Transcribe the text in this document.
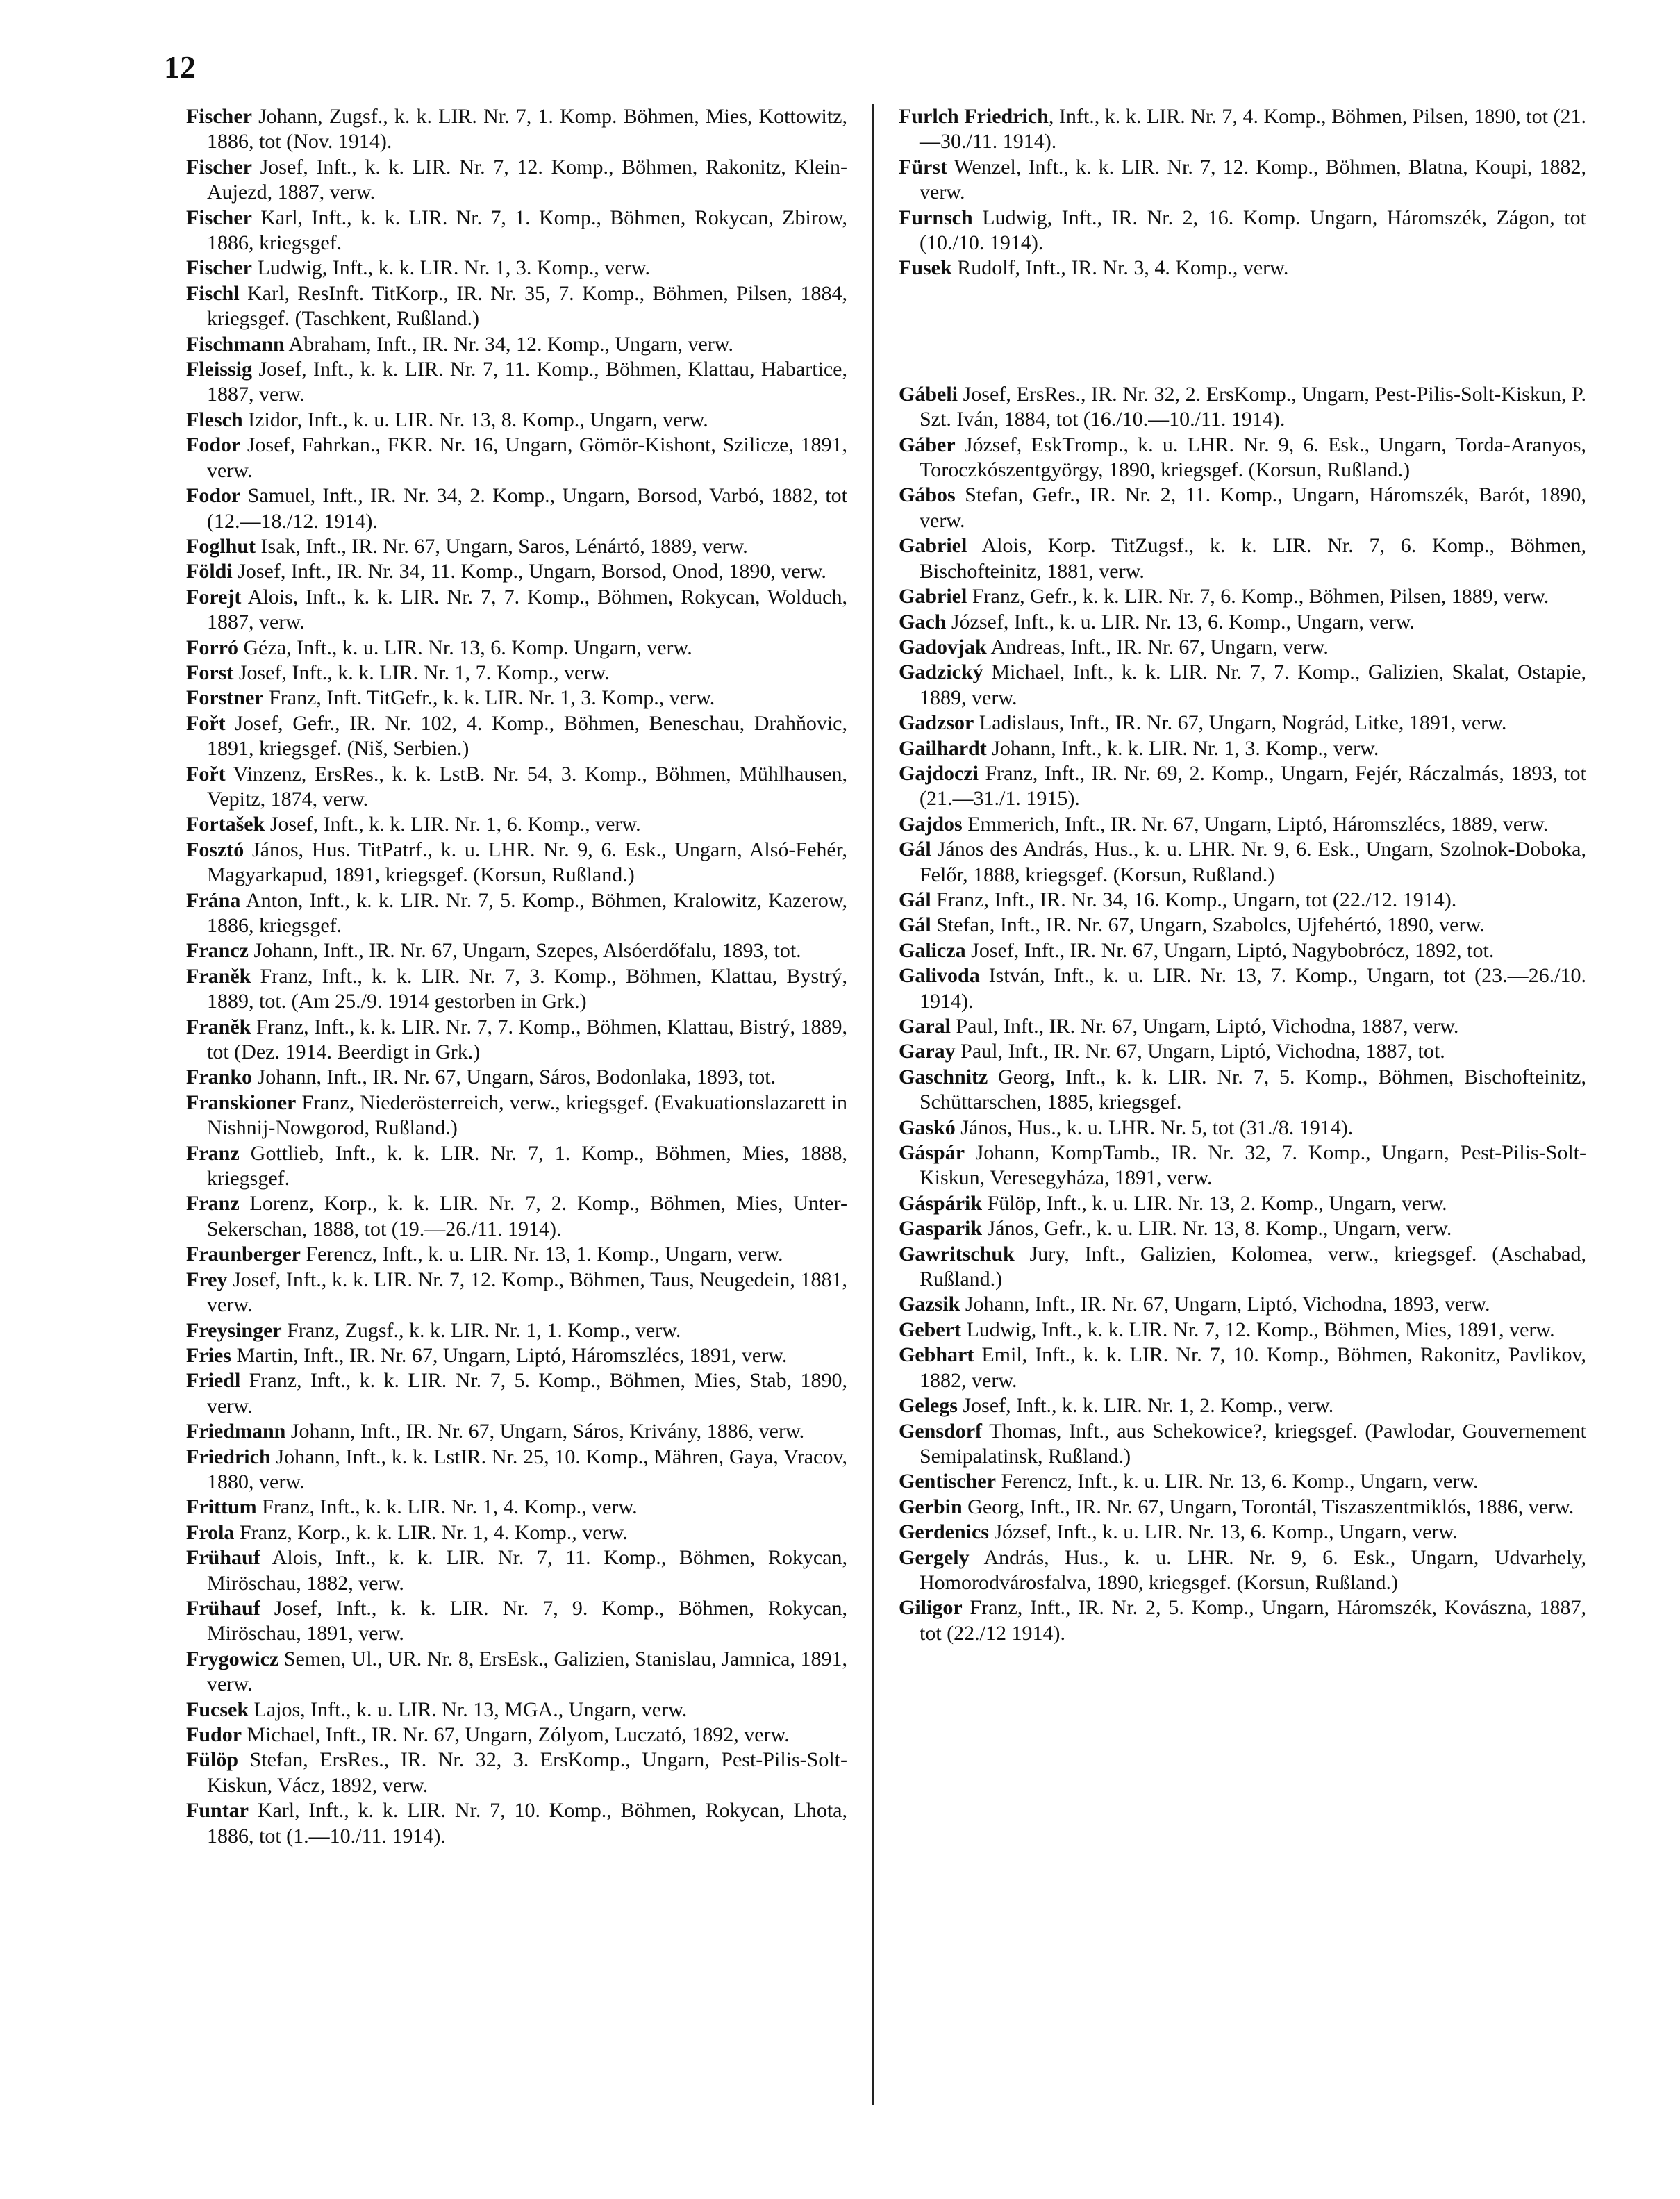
12

Fischer Johann, Zugsf., k. k. LIR. Nr. 7, 1. Komp. Böhmen, Mies, Kottowitz, 1886, tot (Nov. 1914).

Fischer Josef, Inft., k. k. LIR. Nr. 7, 12. Komp., Böhmen, Rakonitz, Klein-Aujezd, 1887, verw.

Fischer Karl, Inft., k. k. LIR. Nr. 7, 1. Komp., Böhmen, Rokycan, Zbirow, 1886, kriegsgef.

Fischer Ludwig, Inft., k. k. LIR. Nr. 1, 3. Komp., verw.

Fischl Karl, ResInft. TitKorp., IR. Nr. 35, 7. Komp., Böhmen, Pilsen, 1884, kriegsgef. (Taschkent, Rußland.)

Fischmann Abraham, Inft., IR. Nr. 34, 12. Komp., Ungarn, verw.

Fleissig Josef, Inft., k. k. LIR. Nr. 7, 11. Komp., Böhmen, Klattau, Habartice, 1887, verw.

Flesch Izidor, Inft., k. u. LIR. Nr. 13, 8. Komp., Ungarn, verw.

Fodor Josef, Fahrkan., FKR. Nr. 16, Ungarn, Gömör-Kishont, Szilicze, 1891, verw.

Fodor Samuel, Inft., IR. Nr. 34, 2. Komp., Ungarn, Borsod, Varbó, 1882, tot (12.—18./12. 1914).

Foglhut Isak, Inft., IR. Nr. 67, Ungarn, Saros, Lénártó, 1889, verw.

Földi Josef, Inft., IR. Nr. 34, 11. Komp., Ungarn, Borsod, Onod, 1890, verw.

Forejt Alois, Inft., k. k. LIR. Nr. 7, 7. Komp., Böhmen, Rokycan, Wolduch, 1887, verw.

Forró Géza, Inft., k. u. LIR. Nr. 13, 6. Komp. Ungarn, verw.

Forst Josef, Inft., k. k. LIR. Nr. 1, 7. Komp., verw.

Forstner Franz, Inft. TitGefr., k. k. LIR. Nr. 1, 3. Komp., verw.

Fořt Josef, Gefr., IR. Nr. 102, 4. Komp., Böhmen, Beneschau, Drahňovic, 1891, kriegsgef. (Niš, Serbien.)

Fořt Vinzenz, ErsRes., k. k. LstB. Nr. 54, 3. Komp., Böhmen, Mühlhausen, Vepitz, 1874, verw.

Fortašek Josef, Inft., k. k. LIR. Nr. 1, 6. Komp., verw.

Fosztó János, Hus. TitPatrf., k. u. LHR. Nr. 9, 6. Esk., Ungarn, Alsó-Fehér, Magyarkapud, 1891, kriegsgef. (Korsun, Rußland.)

Frána Anton, Inft., k. k. LIR. Nr. 7, 5. Komp., Böhmen, Kralowitz, Kazerow, 1886, kriegsgef.

Francz Johann, Inft., IR. Nr. 67, Ungarn, Szepes, Alsóerdőfalu, 1893, tot.

Franěk Franz, Inft., k. k. LIR. Nr. 7, 3. Komp., Böhmen, Klattau, Bystrý, 1889, tot. (Am 25./9. 1914 gestorben in Grk.)

Franěk Franz, Inft., k. k. LIR. Nr. 7, 7. Komp., Böhmen, Klattau, Bistrý, 1889, tot (Dez. 1914. Beerdigt in Grk.)

Franko Johann, Inft., IR. Nr. 67, Ungarn, Sáros, Bodonlaka, 1893, tot.

Franskioner Franz, Niederösterreich, verw., kriegsgef. (Evakuationslazarett in Nishnij-Nowgorod, Rußland.)

Franz Gottlieb, Inft., k. k. LIR. Nr. 7, 1. Komp., Böhmen, Mies, 1888, kriegsgef.

Franz Lorenz, Korp., k. k. LIR. Nr. 7, 2. Komp., Böhmen, Mies, Unter-Sekerschan, 1888, tot (19.—26./11. 1914).

Fraunberger Ferencz, Inft., k. u. LIR. Nr. 13, 1. Komp., Ungarn, verw.

Frey Josef, Inft., k. k. LIR. Nr. 7, 12. Komp., Böhmen, Taus, Neugedein, 1881, verw.

Freysinger Franz, Zugsf., k. k. LIR. Nr. 1, 1. Komp., verw.

Fries Martin, Inft., IR. Nr. 67, Ungarn, Liptó, Háromszlécs, 1891, verw.

Friedl Franz, Inft., k. k. LIR. Nr. 7, 5. Komp., Böhmen, Mies, Stab, 1890, verw.

Friedmann Johann, Inft., IR. Nr. 67, Ungarn, Sáros, Krivány, 1886, verw.

Friedrich Johann, Inft., k. k. LstIR. Nr. 25, 10. Komp., Mähren, Gaya, Vracov, 1880, verw.

Frittum Franz, Inft., k. k. LIR. Nr. 1, 4. Komp., verw.

Frola Franz, Korp., k. k. LIR. Nr. 1, 4. Komp., verw.

Frühauf Alois, Inft., k. k. LIR. Nr. 7, 11. Komp., Böhmen, Rokycan, Miröschau, 1882, verw.

Frühauf Josef, Inft., k. k. LIR. Nr. 7, 9. Komp., Böhmen, Rokycan, Miröschau, 1891, verw.

Frygowicz Semen, Ul., UR. Nr. 8, ErsEsk., Galizien, Stanislau, Jamnica, 1891, verw.

Fucsek Lajos, Inft., k. u. LIR. Nr. 13, MGA., Ungarn, verw.

Fudor Michael, Inft., IR. Nr. 67, Ungarn, Zólyom, Luczató, 1892, verw.

Fülöp Stefan, ErsRes., IR. Nr. 32, 3. ErsKomp., Ungarn, Pest-Pilis-Solt-Kiskun, Vácz, 1892, verw.

Funtar Karl, Inft., k. k. LIR. Nr. 7, 10. Komp., Böhmen, Rokycan, Lhota, 1886, tot (1.—10./11. 1914).

Furlch Friedrich, Inft., k. k. LIR. Nr. 7, 4. Komp., Böhmen, Pilsen, 1890, tot (21.—30./11. 1914).

Fürst Wenzel, Inft., k. k. LIR. Nr. 7, 12. Komp., Böhmen, Blatna, Koupi, 1882, verw.

Furnsch Ludwig, Inft., IR. Nr. 2, 16. Komp. Ungarn, Háromszék, Zágon, tot (10./10. 1914).

Fusek Rudolf, Inft., IR. Nr. 3, 4. Komp., verw.

Gábeli Josef, ErsRes., IR. Nr. 32, 2. ErsKomp., Ungarn, Pest-Pilis-Solt-Kiskun, P. Szt. Iván, 1884, tot (16./10.—10./11. 1914).

Gáber József, EskTromp., k. u. LHR. Nr. 9, 6. Esk., Ungarn, Torda-Aranyos, Toroczkószentgyörgy, 1890, kriegsgef. (Korsun, Rußland.)

Gábos Stefan, Gefr., IR. Nr. 2, 11. Komp., Ungarn, Háromszék, Barót, 1890, verw.

Gabriel Alois, Korp. TitZugsf., k. k. LIR. Nr. 7, 6. Komp., Böhmen, Bischofteinitz, 1881, verw.

Gabriel Franz, Gefr., k. k. LIR. Nr. 7, 6. Komp., Böhmen, Pilsen, 1889, verw.

Gach József, Inft., k. u. LIR. Nr. 13, 6. Komp., Ungarn, verw.

Gadovjak Andreas, Inft., IR. Nr. 67, Ungarn, verw.

Gadzický Michael, Inft., k. k. LIR. Nr. 7, 7. Komp., Galizien, Skalat, Ostapie, 1889, verw.

Gadzsor Ladislaus, Inft., IR. Nr. 67, Ungarn, Nográd, Litke, 1891, verw.

Gailhardt Johann, Inft., k. k. LIR. Nr. 1, 3. Komp., verw.

Gajdoczi Franz, Inft., IR. Nr. 69, 2. Komp., Ungarn, Fejér, Ráczalmás, 1893, tot (21.—31./1. 1915).

Gajdos Emmerich, Inft., IR. Nr. 67, Ungarn, Liptó, Háromszlécs, 1889, verw.

Gál János des András, Hus., k. u. LHR. Nr. 9, 6. Esk., Ungarn, Szolnok-Doboka, Felőr, 1888, kriegsgef. (Korsun, Rußland.)

Gál Franz, Inft., IR. Nr. 34, 16. Komp., Ungarn, tot (22./12. 1914).

Gál Stefan, Inft., IR. Nr. 67, Ungarn, Szabolcs, Ujfehértó, 1890, verw.

Galicza Josef, Inft., IR. Nr. 67, Ungarn, Liptó, Nagybobrócz, 1892, tot.

Galivoda István, Inft., k. u. LIR. Nr. 13, 7. Komp., Ungarn, tot (23.—26./10. 1914).

Garal Paul, Inft., IR. Nr. 67, Ungarn, Liptó, Vichodna, 1887, verw.

Garay Paul, Inft., IR. Nr. 67, Ungarn, Liptó, Vichodna, 1887, tot.

Gaschnitz Georg, Inft., k. k. LIR. Nr. 7, 5. Komp., Böhmen, Bischofteinitz, Schüttarschen, 1885, kriegsgef.

Gaskó János, Hus., k. u. LHR. Nr. 5, tot (31./8. 1914).

Gáspár Johann, KompTamb., IR. Nr. 32, 7. Komp., Ungarn, Pest-Pilis-Solt-Kiskun, Veresegyháza, 1891, verw.

Gáspárik Fülöp, Inft., k. u. LIR. Nr. 13, 2. Komp., Ungarn, verw.

Gasparik János, Gefr., k. u. LIR. Nr. 13, 8. Komp., Ungarn, verw.

Gawritschuk Jury, Inft., Galizien, Kolomea, verw., kriegsgef. (Aschabad, Rußland.)

Gazsik Johann, Inft., IR. Nr. 67, Ungarn, Liptó, Vichodna, 1893, verw.

Gebert Ludwig, Inft., k. k. LIR. Nr. 7, 12. Komp., Böhmen, Mies, 1891, verw.

Gebhart Emil, Inft., k. k. LIR. Nr. 7, 10. Komp., Böhmen, Rakonitz, Pavlikov, 1882, verw.

Gelegs Josef, Inft., k. k. LIR. Nr. 1, 2. Komp., verw.

Gensdorf Thomas, Inft., aus Schekowice?, kriegsgef. (Pawlodar, Gouvernement Semipalatinsk, Rußland.)

Gentischer Ferencz, Inft., k. u. LIR. Nr. 13, 6. Komp., Ungarn, verw.

Gerbin Georg, Inft., IR. Nr. 67, Ungarn, Torontál, Tiszaszentmiklós, 1886, verw.

Gerdenics József, Inft., k. u. LIR. Nr. 13, 6. Komp., Ungarn, verw.

Gergely András, Hus., k. u. LHR. Nr. 9, 6. Esk., Ungarn, Udvarhely, Homorodvárosfalva, 1890, kriegsgef. (Korsun, Rußland.)

Giligor Franz, Inft., IR. Nr. 2, 5. Komp., Ungarn, Háromszék, Kovászna, 1887, tot (22./12 1914).
